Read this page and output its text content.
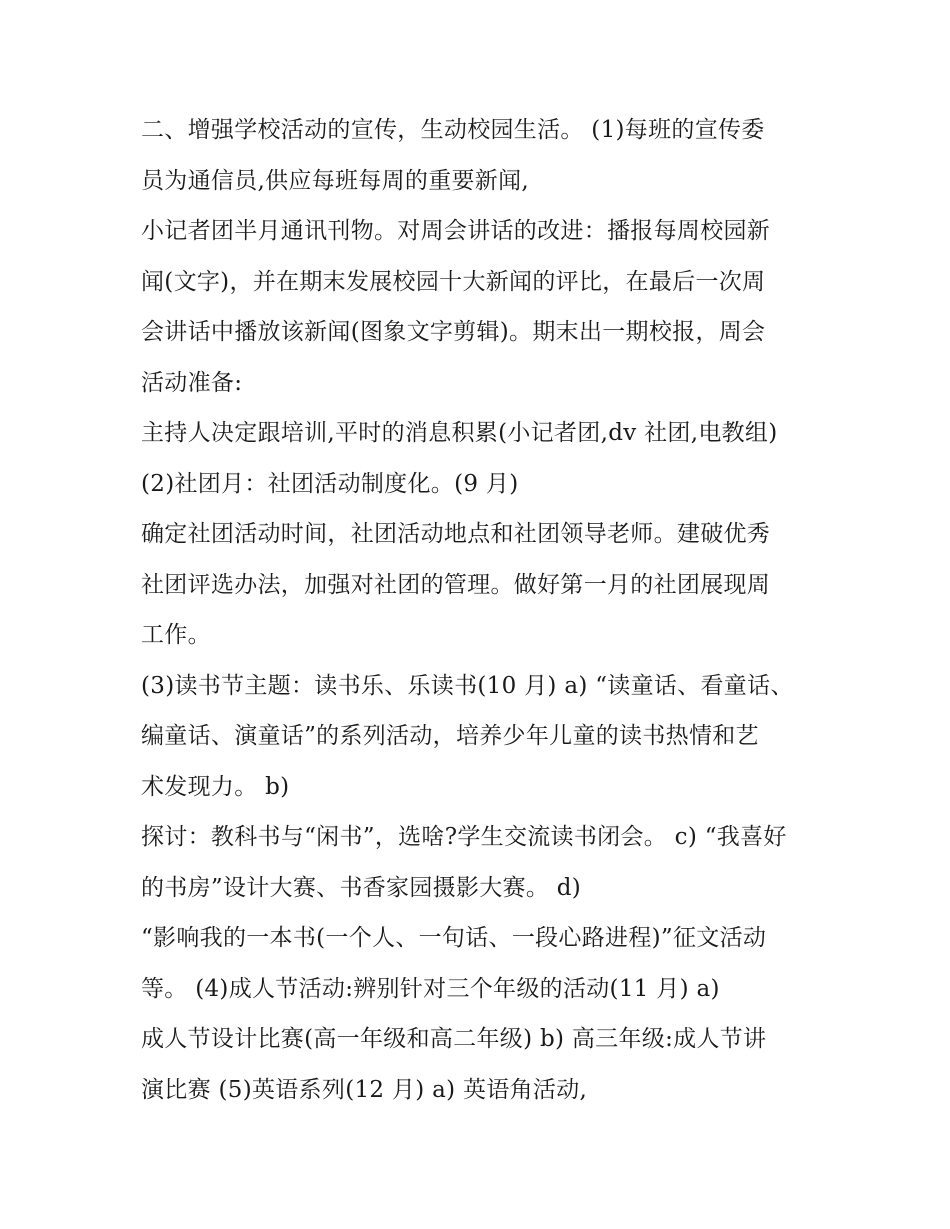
二、增强学校活动的宣传，生动校园生活。 (1)每班的宣传委
员为通信员,供应每班每周的重要新闻,
小记者团半月通讯刊物。对周会讲话的改进：播报每周校园新
闻(文字)，并在期末发展校园十大新闻的评比，在最后一次周
会讲话中播放该新闻(图象文字剪辑)。期末出一期校报，周会
活动准备:
主持人决定跟培训,平时的消息积累(小记者团,dv 社团,电教组)
(2)社团月：社团活动制度化。(9 月)
确定社团活动时间，社团活动地点和社团领导老师。建破优秀
社团评选办法，加强对社团的管理。做好第一月的社团展现周
工作。
(3)读书节主题：读书乐、乐读书(10 月) a) “读童话、看童话、
编童话、演童话”的系列活动，培养少年儿童的读书热情和艺
术发现力。 b)
探讨：教科书与“闲书”，选啥?学生交流读书闭会。 c) “我喜好
的书房”设计大赛、书香家园摄影大赛。 d)
“影响我的一本书(一个人、一句话、一段心路进程)”征文活动
等。 (4)成人节活动:辨别针对三个年级的活动(11 月) a)
成人节设计比赛(高一年级和高二年级) b) 高三年级:成人节讲
演比赛 (5)英语系列(12 月) a) 英语角活动,
